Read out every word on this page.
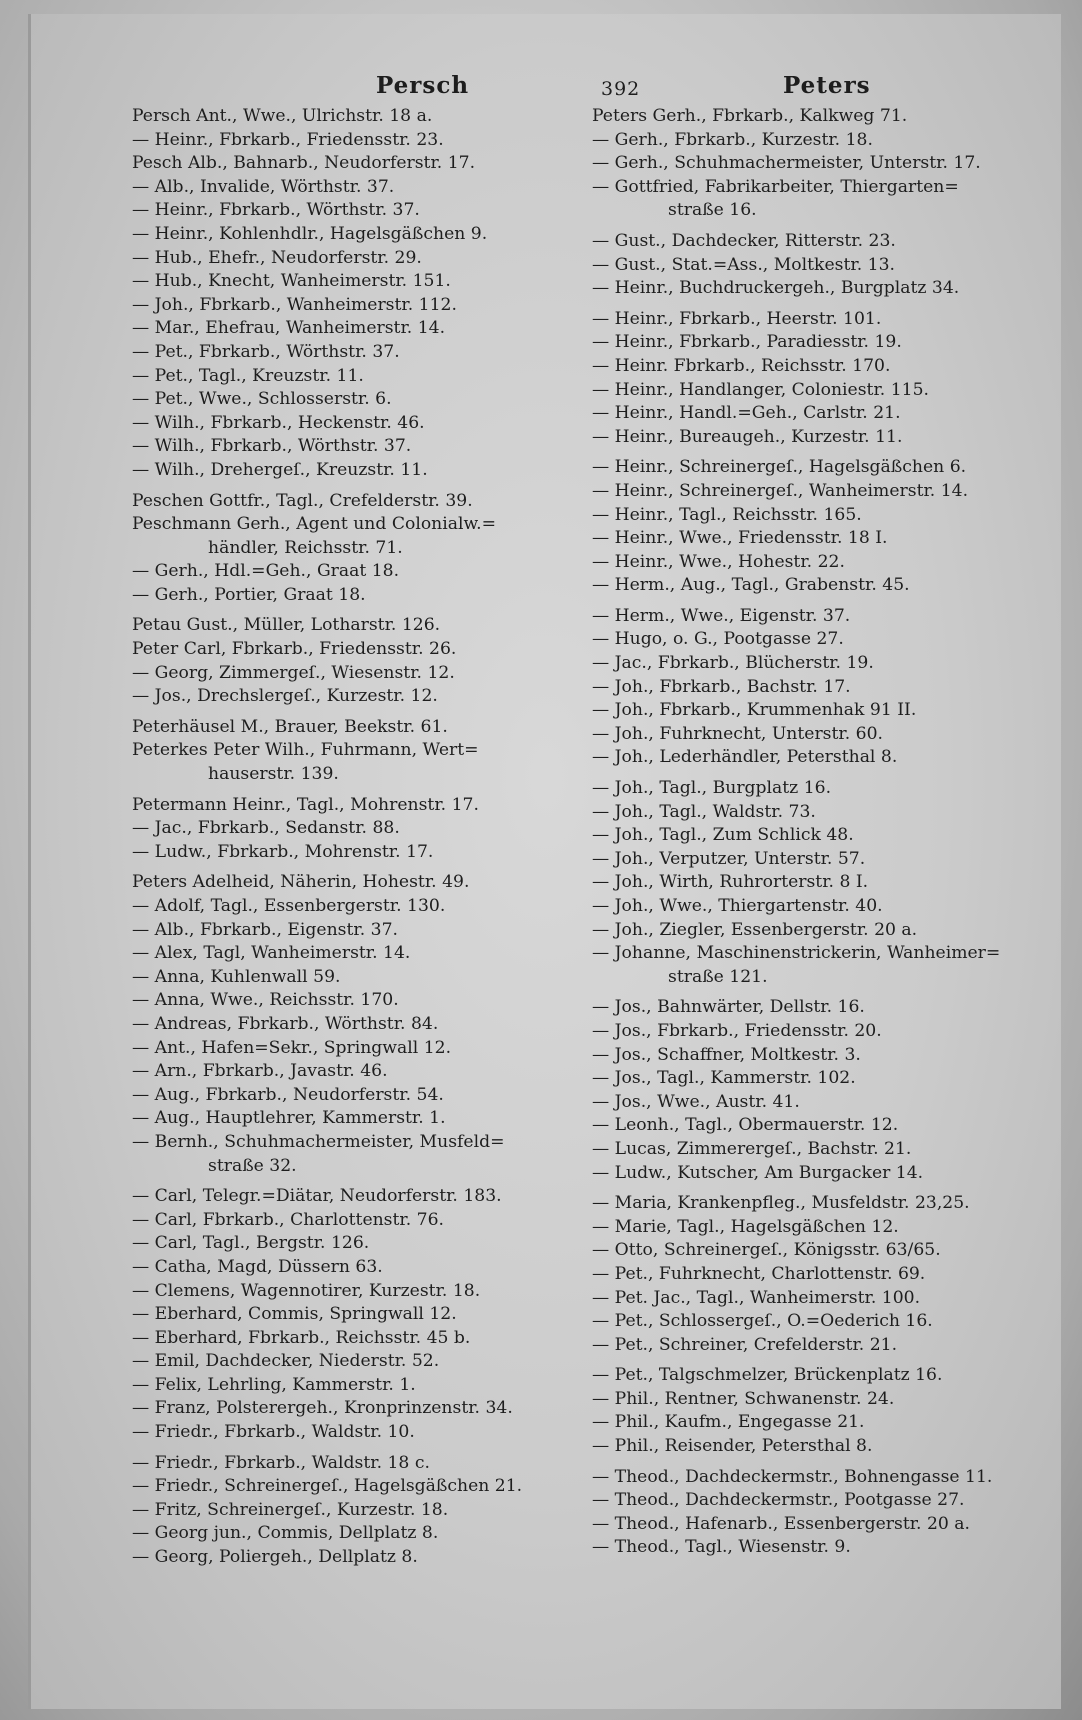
Persch	392	Peters
Persch Ant., Wwe., Ulrichstr. 18 a.
— Heinr., Fbrkarb., Friedensstr. 23.
Pesch Alb., Bahnarb., Neudorferstr. 17.
— Alb., Invalide, Wörthstr. 37.
— Heinr., Fbrkarb., Wörthstr. 37.
— Heinr., Kohlenhdlr., Hagelsgäßchen 9.
— Hub., Ehefr., Neudorferstr. 29.
— Hub., Knecht, Wanheimerstr. 151.
— Joh., Fbrkarb., Wanheimerstr. 112.
— Mar., Ehefrau, Wanheimerstr. 14.
— Pet., Fbrkarb., Wörthstr. 37.
— Pet., Tagl., Kreuzstr. 11.
— Pet., Wwe., Schlosserstr. 6.
— Wilh., Fbrkarb., Heckenstr. 46.
— Wilh., Fbrkarb., Wörthstr. 37.
— Wilh., Drehergeſ., Kreuzstr. 11.
Peschen Gottfr., Tagl., Crefelderstr. 39.
Peschmann Gerh., Agent und Colonialw.=
händler, Reichsstr. 71.
— Gerh., Hdl.=Geh., Graat 18.
— Gerh., Portier, Graat 18.
Petau Gust., Müller, Lotharstr. 126.
Peter Carl, Fbrkarb., Friedensstr. 26.
— Georg, Zimmergeſ., Wiesenstr. 12.
— Jos., Drechslergeſ., Kurzestr. 12.
Peterhäusel M., Brauer, Beekstr. 61.
Peterkes Peter Wilh., Fuhrmann, Wert=
hauserstr. 139.
Petermann Heinr., Tagl., Mohrenstr. 17.
— Jac., Fbrkarb., Sedanstr. 88.
— Ludw., Fbrkarb., Mohrenstr. 17.
Peters Adelheid, Näherin, Hohestr. 49.
— Adolf, Tagl., Essenbergerstr. 130.
— Alb., Fbrkarb., Eigenstr. 37.
— Alex, Tagl, Wanheimerstr. 14.
— Anna, Kuhlenwall 59.
— Anna, Wwe., Reichsstr. 170.
— Andreas, Fbrkarb., Wörthstr. 84.
— Ant., Hafen=Sekr., Springwall 12.
— Arn., Fbrkarb., Javastr. 46.
— Aug., Fbrkarb., Neudorferstr. 54.
— Aug., Hauptlehrer, Kammerstr. 1.
— Bernh., Schuhmachermeister, Musfeld=
straße 32.
— Carl, Telegr.=Diätar, Neudorferstr. 183.
— Carl, Fbrkarb., Charlottenstr. 76.
— Carl, Tagl., Bergstr. 126.
— Catha, Magd, Düssern 63.
— Clemens, Wagennotirer, Kurzestr. 18.
— Eberhard, Commis, Springwall 12.
— Eberhard, Fbrkarb., Reichsstr. 45 b.
— Emil, Dachdecker, Niederstr. 52.
— Felix, Lehrling, Kammerstr. 1.
— Franz, Polsterergeh., Kronprinzenstr. 34.
— Friedr., Fbrkarb., Waldstr. 10.
— Friedr., Fbrkarb., Waldstr. 18 c.
— Friedr., Schreinergeſ., Hagelsgäßchen 21.
— Fritz, Schreinergeſ., Kurzestr. 18.
— Georg jun., Commis, Dellplatz 8.
— Georg, Poliergeh., Dellplatz 8.
Peters Gerh., Fbrkarb., Kalkweg 71.
— Gerh., Fbrkarb., Kurzestr. 18.
— Gerh., Schuhmachermeister, Unterstr. 17.
— Gottfried, Fabrikarbeiter, Thiergarten=
straße 16.
— Gust., Dachdecker, Ritterstr. 23.
— Gust., Stat.=Ass., Moltkestr. 13.
— Heinr., Buchdruckergeh., Burgplatz 34.
— Heinr., Fbrkarb., Heerstr. 101.
— Heinr., Fbrkarb., Paradiesstr. 19.
— Heinr. Fbrkarb., Reichsstr. 170.
— Heinr., Handlanger, Coloniestr. 115.
— Heinr., Handl.=Geh., Carlstr. 21.
— Heinr., Bureaugeh., Kurzestr. 11.
— Heinr., Schreinergeſ., Hagelsgäßchen 6.
— Heinr., Schreinergeſ., Wanheimerstr. 14.
— Heinr., Tagl., Reichsstr. 165.
— Heinr., Wwe., Friedensstr. 18 I.
— Heinr., Wwe., Hohestr. 22.
— Herm., Aug., Tagl., Grabenstr. 45.
— Herm., Wwe., Eigenstr. 37.
— Hugo, o. G., Pootgasse 27.
— Jac., Fbrkarb., Blücherstr. 19.
— Joh., Fbrkarb., Bachstr. 17.
— Joh., Fbrkarb., Krummenhak 91 II.
— Joh., Fuhrknecht, Unterstr. 60.
— Joh., Lederhändler, Petersthal 8.
— Joh., Tagl., Burgplatz 16.
— Joh., Tagl., Waldstr. 73.
— Joh., Tagl., Zum Schlick 48.
— Joh., Verputzer, Unterstr. 57.
— Joh., Wirth, Ruhrorterstr. 8 I.
— Joh., Wwe., Thiergartenstr. 40.
— Joh., Ziegler, Essenbergerstr. 20 a.
— Johanne, Maschinenstrickerin, Wanheimer=
straße 121.
— Jos., Bahnwärter, Dellstr. 16.
— Jos., Fbrkarb., Friedensstr. 20.
— Jos., Schaffner, Moltkestr. 3.
— Jos., Tagl., Kammerstr. 102.
— Jos., Wwe., Austr. 41.
— Leonh., Tagl., Obermauerstr. 12.
— Lucas, Zimmerergeſ., Bachstr. 21.
— Ludw., Kutscher, Am Burgacker 14.
— Maria, Krankenpfleg., Musfeldstr. 23,25.
— Marie, Tagl., Hagelsgäßchen 12.
— Otto, Schreinergeſ., Königsstr. 63/65.
— Pet., Fuhrknecht, Charlottenstr. 69.
— Pet. Jac., Tagl., Wanheimerstr. 100.
— Pet., Schlossergeſ., O.=Oederich 16.
— Pet., Schreiner, Crefelderstr. 21.
— Pet., Talgschmelzer, Brückenplatz 16.
— Phil., Rentner, Schwanenstr. 24.
— Phil., Kaufm., Engegasse 21.
— Phil., Reisender, Petersthal 8.
— Theod., Dachdeckermstr., Bohnengasse 11.
— Theod., Dachdeckermstr., Pootgasse 27.
— Theod., Hafenarb., Essenbergerstr. 20 a.
— Theod., Tagl., Wiesenstr. 9.
